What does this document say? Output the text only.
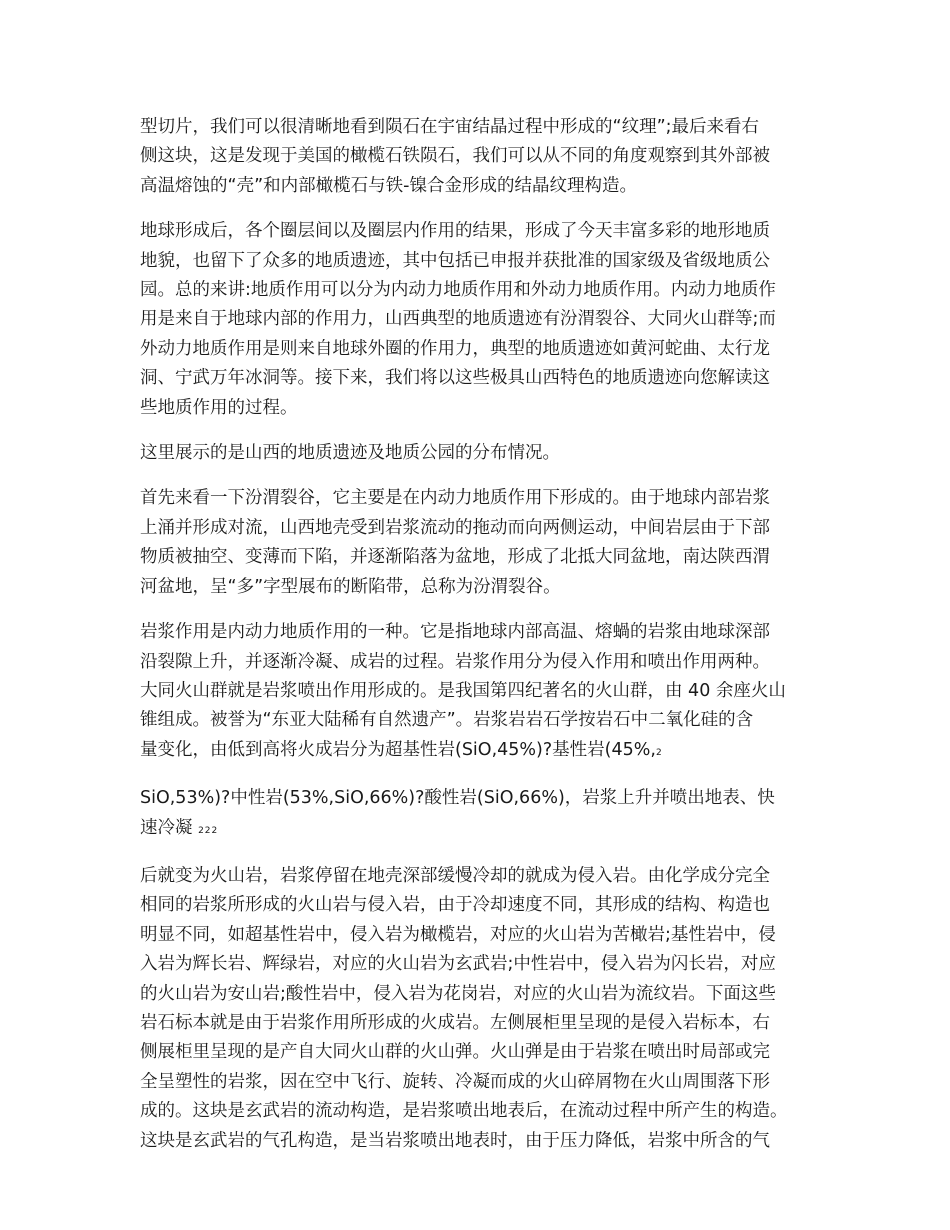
型切片，我们可以很清晰地看到陨石在宇宙结晶过程中形成的“纹理”;最后来看右
侧这块，这是发现于美国的橄榄石铁陨石，我们可以从不同的角度观察到其外部被
高温熔蚀的“壳”和内部橄榄石与铁-镍合金形成的结晶纹理构造。

地球形成后，各个圈层间以及圈层内作用的结果，形成了今天丰富多彩的地形地质
地貌，也留下了众多的地质遗迹，其中包括已申报并获批准的国家级及省级地质公
园。总的来讲:地质作用可以分为内动力地质作用和外动力地质作用。内动力地质作
用是来自于地球内部的作用力，山西典型的地质遗迹有汾渭裂谷、大同火山群等;而
外动力地质作用是则来自地球外圈的作用力，典型的地质遗迹如黄河蛇曲、太行龙
洞、宁武万年冰洞等。接下来，我们将以这些极具山西特色的地质遗迹向您解读这
些地质作用的过程。

这里展示的是山西的地质遗迹及地质公园的分布情况。

首先来看一下汾渭裂谷，它主要是在内动力地质作用下形成的。由于地球内部岩浆
上涌并形成对流，山西地壳受到岩浆流动的拖动而向两侧运动，中间岩层由于下部
物质被抽空、变薄而下陷，并逐渐陷落为盆地，形成了北抵大同盆地，南达陕西渭
河盆地，呈“多”字型展布的断陷带，总称为汾渭裂谷。

岩浆作用是内动力地质作用的一种。它是指地球内部高温、熔蝸的岩浆由地球深部
沿裂隙上升，并逐渐冷凝、成岩的过程。岩浆作用分为侵入作用和喷出作用两种。
大同火山群就是岩浆喷出作用形成的。是我国第四纪著名的火山群，由 40 余座火山
锥组成。被誉为“东亚大陆稀有自然遗产”。岩浆岩岩石学按岩石中二氧化硅的含
量变化，由低到高将火成岩分为超基性岩(SiO,45%)?基性岩(45%,2

SiO,53%)?中性岩(53%,SiO,66%)?酸性岩(SiO,66%)，岩浆上升并喷出地表、快
速冷凝 222

后就变为火山岩，岩浆停留在地壳深部缓慢冷却的就成为侵入岩。由化学成分完全
相同的岩浆所形成的火山岩与侵入岩，由于冷却速度不同，其形成的结构、构造也
明显不同，如超基性岩中，侵入岩为橄榄岩，对应的火山岩为苦橄岩;基性岩中，侵
入岩为辉长岩、辉绿岩，对应的火山岩为玄武岩;中性岩中，侵入岩为闪长岩，对应
的火山岩为安山岩;酸性岩中，侵入岩为花岗岩，对应的火山岩为流纹岩。下面这些
岩石标本就是由于岩浆作用所形成的火成岩。左侧展柜里呈现的是侵入岩标本，右
侧展柜里呈现的是产自大同火山群的火山弹。火山弹是由于岩浆在喷出时局部或完
全呈塑性的岩浆，因在空中飞行、旋转、冷凝而成的火山碎屑物在火山周围落下形
成的。这块是玄武岩的流动构造，是岩浆喷出地表后，在流动过程中所产生的构造。
这块是玄武岩的气孔构造，是当岩浆喷出地表时，由于压力降低，岩浆中所含的气
